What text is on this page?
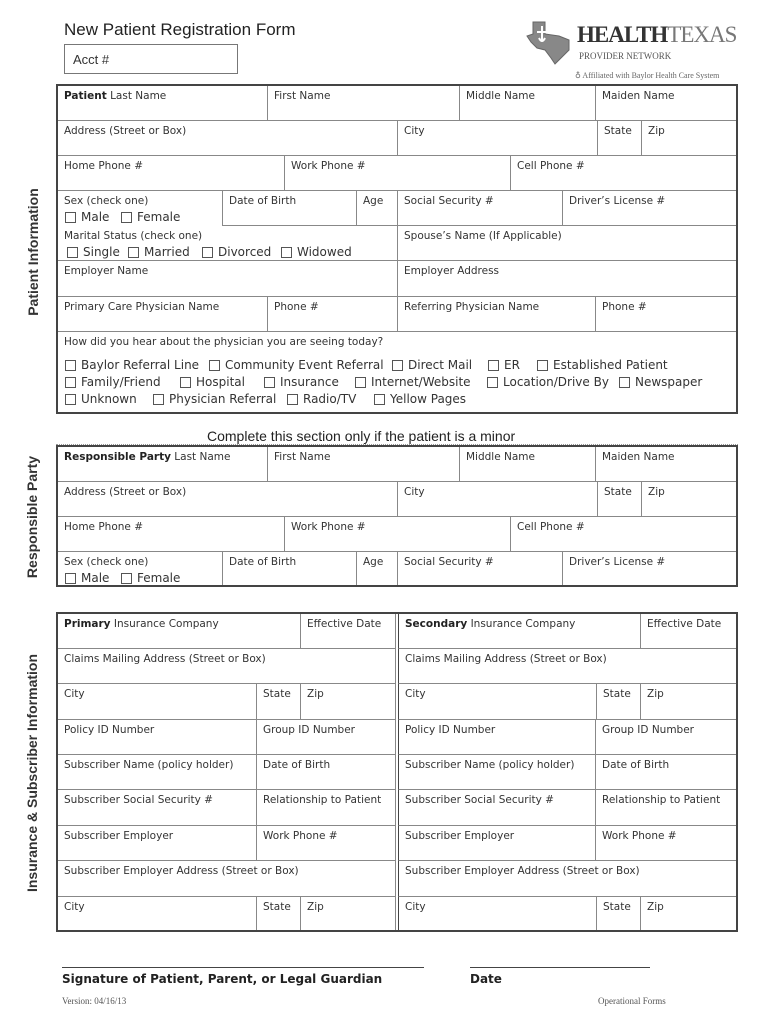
New Patient Registration Form
Acct #
HEALTHTEXAS
PROVIDER NETWORK
♁ Affiliated with Baylor Health Care System
Patient Information
Responsible Party
Insurance & Subscriber Information
Patient Last Name	First Name	Middle Name	Maiden Name
Address (Street or Box)	City	State	Zip
Home Phone #	Work Phone #	Cell Phone #
Sex (check one)
Male Female
Date of Birth	Age	Social Security #	Driver’s License #
Marital Status (check one)
Single Married Divorced Widowed
Spouse’s Name (If Applicable)
Employer Name	Employer Address
Primary Care Physician Name	Phone #	Referring Physician Name	Phone #
How did you hear about the physician you are seeing today?
Baylor Referral Line Community Event Referral Direct Mail	ER	Established Patient
Family/Friend	Hospital	Insurance	Internet/Website	Location/Drive By Newspaper
Unknown	Physician Referral Radio/TV	Yellow Pages
Complete this section only if the patient is a minor
Responsible Party Last Name	First Name	Middle Name	Maiden Name
Address (Street or Box)	City	State	Zip
Home Phone #	Work Phone #	Cell Phone #
Sex (check one)
Male Female
Date of Birth	Age	Social Security #	Driver’s License #
Primary Insurance Company	Effective Date
Claims Mailing Address (Street or Box)
City	State	Zip
Policy ID Number	Group ID Number
Subscriber Name (policy holder)	Date of Birth
Subscriber Social Security #	Relationship to Patient
Subscriber Employer	Work Phone #
Subscriber Employer Address (Street or Box)
City	State	Zip
Secondary Insurance Company	Effective Date
Claims Mailing Address (Street or Box)
City	State	Zip
Policy ID Number	Group ID Number
Subscriber Name (policy holder)	Date of Birth
Subscriber Social Security #	Relationship to Patient
Subscriber Employer	Work Phone #
Subscriber Employer Address (Street or Box)
City	State	Zip
Signature of Patient, Parent, or Legal Guardian	Date
Version: 04/16/13	Operational Forms
